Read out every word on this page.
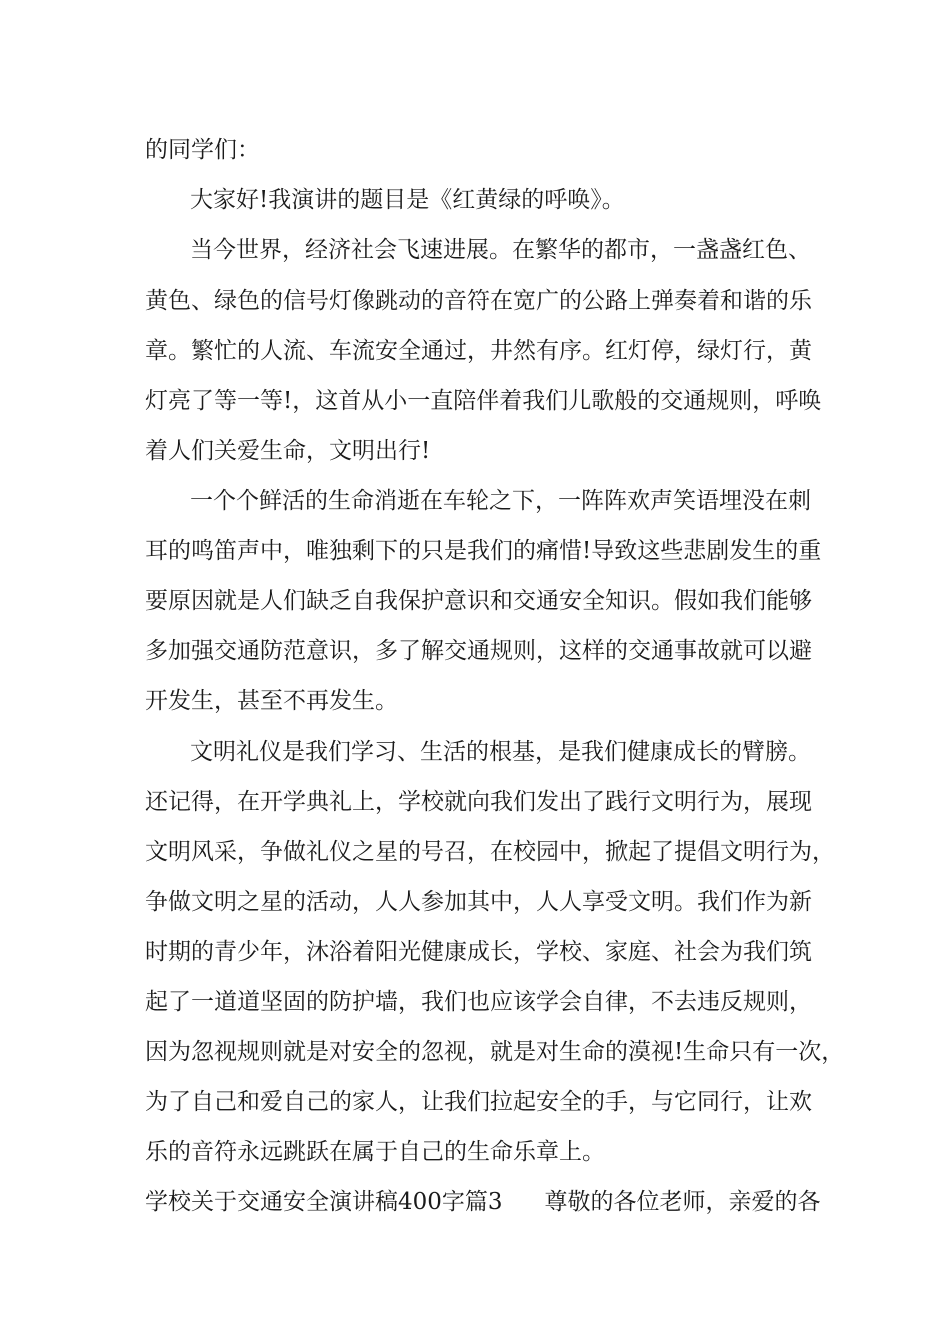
的同学们：
大家好!我演讲的题目是《红黄绿的呼唤》。
当今世界，经济社会飞速进展。在繁华的都市，一盏盏红色、
黄色、绿色的信号灯像跳动的音符在宽广的公路上弹奏着和谐的乐
章。繁忙的人流、车流安全通过，井然有序。红灯停，绿灯行，黄
灯亮了等一等!，这首从小一直陪伴着我们儿歌般的交通规则，呼唤
着人们关爱生命，文明出行!
一个个鲜活的生命消逝在车轮之下，一阵阵欢声笑语埋没在刺
耳的鸣笛声中，唯独剩下的只是我们的痛惜!导致这些悲剧发生的重
要原因就是人们缺乏自我保护意识和交通安全知识。假如我们能够
多加强交通防范意识，多了解交通规则，这样的交通事故就可以避
开发生，甚至不再发生。
文明礼仪是我们学习、生活的根基，是我们健康成长的臂膀。
还记得，在开学典礼上，学校就向我们发出了践行文明行为，展现
文明风采，争做礼仪之星的号召，在校园中，掀起了提倡文明行为，
争做文明之星的活动，人人参加其中，人人享受文明。我们作为新
时期的青少年，沐浴着阳光健康成长，学校、家庭、社会为我们筑
起了一道道坚固的防护墙，我们也应该学会自律，不去违反规则，
因为忽视规则就是对安全的忽视，就是对生命的漠视!生命只有一次，
为了自己和爱自己的家人，让我们拉起安全的手，与它同行，让欢
乐的音符永远跳跃在属于自己的生命乐章上。
学校关于交通安全演讲稿400字篇3 尊敬的各位老师，亲爱的各
